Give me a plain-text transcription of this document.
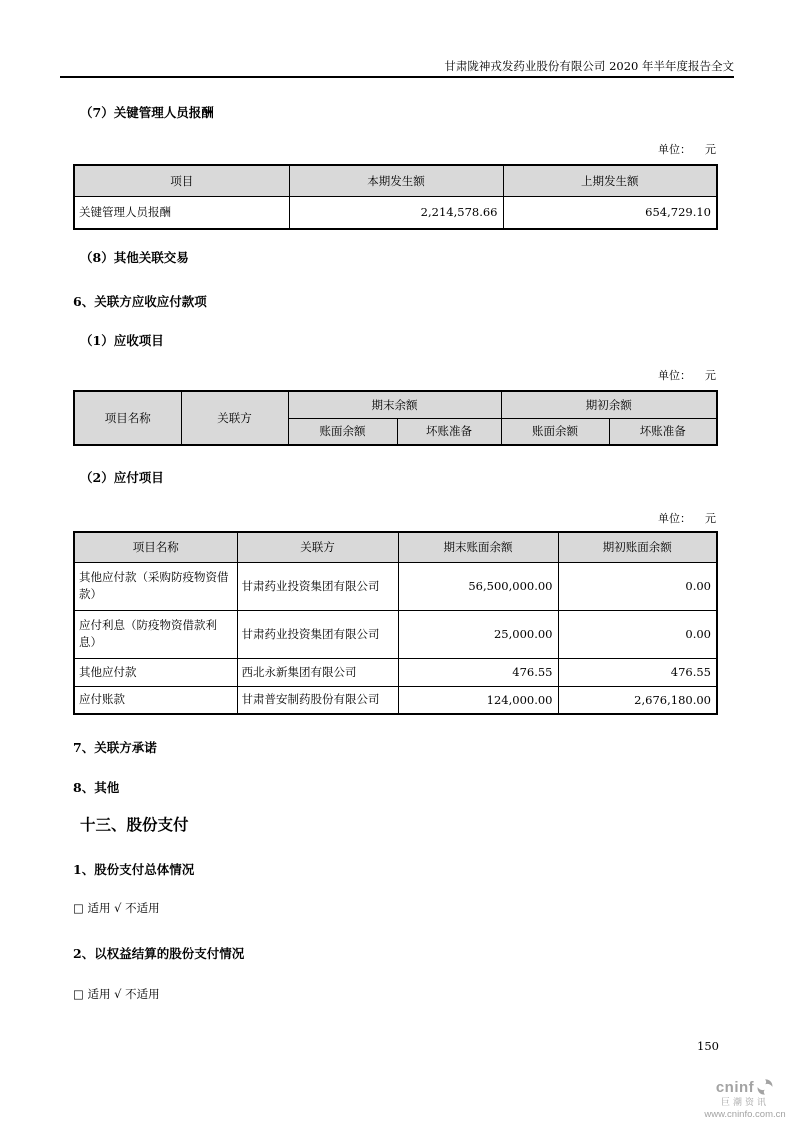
甘肃陇神戎发药业股份有限公司 2020 年半年度报告全文
（7）关键管理人员报酬
单位： 元
项目	本期发生额	上期发生额
关键管理人员报酬	2,214,578.66	654,729.10
（8）其他关联交易
6、关联方应收应付款项
（1）应收项目
单位： 元
项目名称	关联方	期末余额		期初余额	
		账面余额	坏账准备	账面余额	坏账准备
（2）应付项目
单位： 元
项目名称	关联方	期末账面余额	期初账面余额
其他应付款（采购防疫物资借款）	甘肃药业投资集团有限公司	56,500,000.00	0.00
应付利息（防疫物资借款利息）	甘肃药业投资集团有限公司	25,000.00	0.00
其他应付款	西北永新集团有限公司	476.55	476.55
应付账款	甘肃普安制药股份有限公司	124,000.00	2,676,180.00
7、关联方承诺
8、其他
十三、股份支付
1、股份支付总体情况
□ 适用 √ 不适用
2、以权益结算的股份支付情况
□ 适用 √ 不适用
150
cninf
巨潮资讯
www.cninfo.com.cn
